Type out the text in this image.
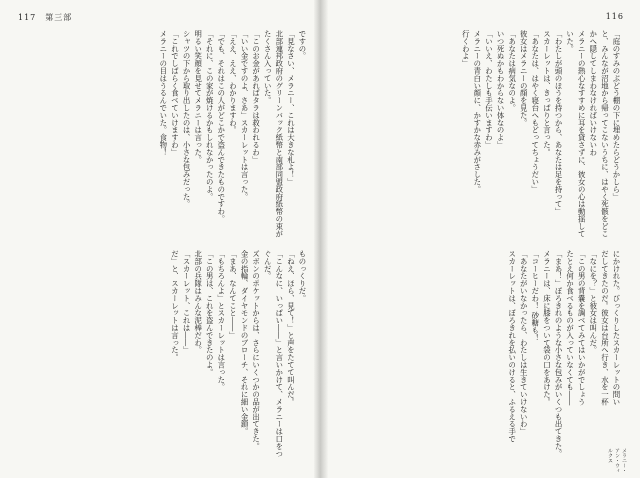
117　第三部

ですの。

「見なさい、メラニー、これは大きな札よ！」

北部連邦政府のグリーンバック紙幣と南部同盟政府紙幣の束がたくさん入っていた。

「このお金があればタラは救われるわ」

「いい金ですのよ、さあ」スカーレットは言った。

「ええ、ええ、わかりますわ。

「でも、それはこの人がどこかで盗んできたものですわ。

「それに、この家が焼けるかもしれなかったのよ。

明るい笑顔を見せてメラニーは言った。

シャツの下から取り出したのは、小さな包みだった。

「これでしばらく食べていけますわ」

メラニーの目はうるんでいた。食物！

ものっくりだ。

「ねえ、ほら、見て！」と声をたてて叫んだ。

「こんなに、いっぱい――」と言いかけて、メラニーは口をつぐんだ。

ズボンのポケットからは、さらにいくつかの品が出てきた。

金の指輪、ダイヤモンドのブローチ、それに細い金鎖。

「まあ、なんてこと――」

「もちろんよ」とスカーレットは言った。

「この男は、これを盗んできたのよ。

北部の兵隊はみんな泥棒だわ。

「スカーレット、これは――」

だ」と、スカーレットは言った。

116

「庭のすみのぶどう棚の下に埋めたらどうかしら」

と、みんなが沼地から帰ってこないうちに、はやく死骸をどこかへ隠してしまわなければいけないわ

メラニーの熱心なすすめに耳を貸さずに、彼女の心は動揺していた。

「わたしが頭のほうを持つから、あなたは足を持って」

スカーレットは、きっぱりと言った。

「あなたは、はやく寝台へもどってちょうだい」

彼女はメラニーの顔を見た。

「あなたは病気なのよ。

いつ死ぬかもわからない体なのよ」

「いいえ、わたしも手伝いますわ」

メラニーの青白い顔に、かすかな赤みがさした。

行くわよ」

にかけれた。びっくりしたスカーレットの問い

だしてきたのだ。彼女は台所へ行き、水を一杯

「なにを？」と彼女は叫んだ。

「この男の背嚢を調べてみてはいかがでしょう

たとえ何か食べるものが入っていなくても――

「まあ！」ぽろきれのような小さな包みがいくつも出てきた。

メラニーは、床に膝をついて袋の口をあけた。

「コーヒーだわ！ 砂糖も！

「あなたがいなかったら、わたしは生きていけないわ」

スカーレットは、ぼろきれを払いのけると、ふるえる手で

メラニー・アン・ウィルクス
